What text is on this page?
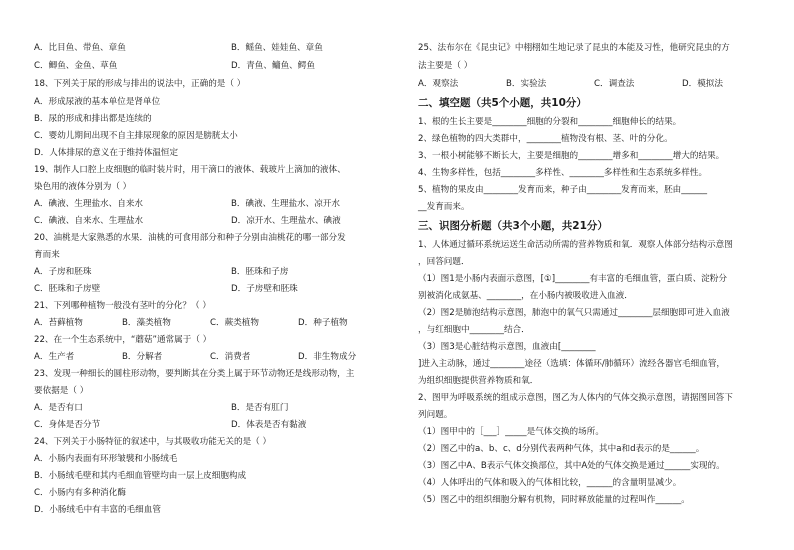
A．比目鱼、带鱼、章鱼	B．鳐鱼、娃娃鱼、章鱼
C．鲫鱼、金鱼、草鱼	D．青鱼、鳙鱼、鳄鱼
18、下列关于尿的形成与排出的说法中，正确的是（ ）
A．形成尿液的基本单位是肾单位
B．尿的形成和排出都是连续的
C．婴幼儿期间出现不自主排尿现象的原因是膀胱太小
D．人体排尿的意义在于维持体温恒定
19、制作人口腔上皮细胞的临时装片时，用干滴口的液体、载玻片上滴加的液体、
染色用的液体分别为（ ）
A．碘液、生理盐水、自来水	B．碘液、生理盐水、凉开水
C．碘液、自来水、生理盐水	D．凉开水、生理盐水、碘液
20、油桃是大家熟悉的水果．油桃的可食用部分和种子分别由油桃花的哪一部分发
育而来
A．子房和胚珠	B．胚珠和子房
C．胚珠和子房壁	D．子房壁和胚珠
21、下列哪种植物一般没有茎叶的分化？（ ）
A．苔藓植物	B．藻类植物	C．蕨类植物	D．种子植物
22、在一个生态系统中，“蘑菇”通常属于（ ）
A．生产者	B．分解者	C．消费者	D．非生物成分
23、发现一种细长的圆柱形动物，要判断其在分类上属于环节动物还是线形动物，主
要依据是（ ）
A．是否有口	B．是否有肛门
C．身体是否分节	D．体表是否有黏液
24、下列关于小肠特征的叙述中，与其吸收功能无关的是（ ）
A．小肠内表面有环形皱襞和小肠绒毛
B．小肠绒毛壁和其内毛细血管壁均由一层上皮细胞构成
C．小肠内有多种消化酶
D．小肠绒毛中有丰富的毛细血管
25、法布尔在《昆虫记》中栩栩如生地记录了昆虫的本能及习性，他研究昆虫的方
法主要是（ ）
A．观察法	B．实验法	C．调查法	D．模拟法
二、填空题（共5个小题，共10分）
1、根的生长主要是________细胞的分裂和________细胞伸长的结果。
2、绿色植物的四大类群中，________植物没有根、茎、叶的分化。
3、一根小树能够不断长大，主要是细胞的________增多和________增大的结果。
4、生物多样性，包括________多样性、________多样性和生态系统多样性。
5、植物的果皮由________发育而来，种子由________发育而来，胚由______
__发育而来。
三、识图分析题（共3个小题，共21分）
1、人体通过循环系统运送生命活动所需的营养物质和氧．观察人体部分结构示意图
，回答问题．
（1）图1是小肠内表面示意图，[①]________有丰富的毛细血管，蛋白质、淀粉分
别被消化成氨基、________，在小肠内被吸收进入血液．
（2）图2是肺泡结构示意图，肺泡中的氧气只需通过________层细胞即可进入血液
，与红细胞中________结合．
（3）图3是心脏结构示意图，血液由[________
]进入主动脉，通过________途径（选填：体循环/肺循环）流经各器官毛细血管，
为组织细胞提供营养物质和氧．
2、图甲为呼吸系统的组成示意图，图乙为人体内的气体交换示意图，请据图回答下
列问题。
（1）图甲中的［___］_____是气体交换的场所。
（2）图乙中的a、b、c、d分别代表两种气体，其中a和d表示的是______。
（3）图乙中A、B表示气体交换部位，其中A处的气体交换是通过______实现的。
（4）人体呼出的气体和吸入的气体相比较，______的含量明显减少。
（5）图乙中的组织细胞分解有机物，同时释放能量的过程叫作______。
